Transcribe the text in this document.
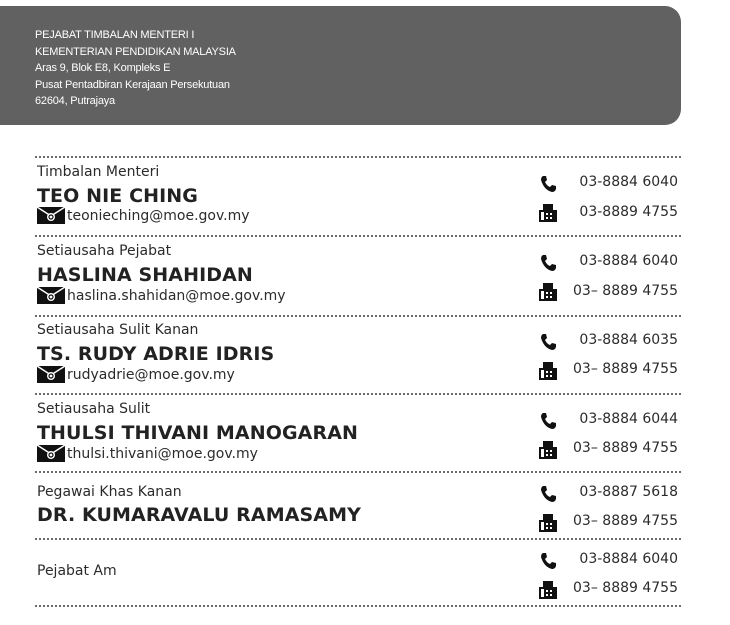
PEJABAT TIMBALAN MENTERI I
KEMENTERIAN PENDIDIKAN MALAYSIA
Aras 9, Blok E8, Kompleks E
Pusat Pentadbiran Kerajaan Persekutuan
62604, Putrajaya
Timbalan Menteri
TEO NIE CHING
teonieching@moe.gov.my
03-8884 6040
03-8889 4755
Setiausaha Pejabat
HASLINA SHAHIDAN
haslina.shahidan@moe.gov.my
03-8884 6040
03– 8889 4755
Setiausaha Sulit Kanan
TS. RUDY ADRIE IDRIS
rudyadrie@moe.gov.my
03-8884 6035
03– 8889 4755
Setiausaha Sulit
THULSI THIVANI MANOGARAN
thulsi.thivani@moe.gov.my
03-8884 6044
03– 8889 4755
Pegawai Khas Kanan
DR. KUMARAVALU RAMASAMY
03-8887 5618
03– 8889 4755
Pejabat Am
03-8884 6040
03– 8889 4755
